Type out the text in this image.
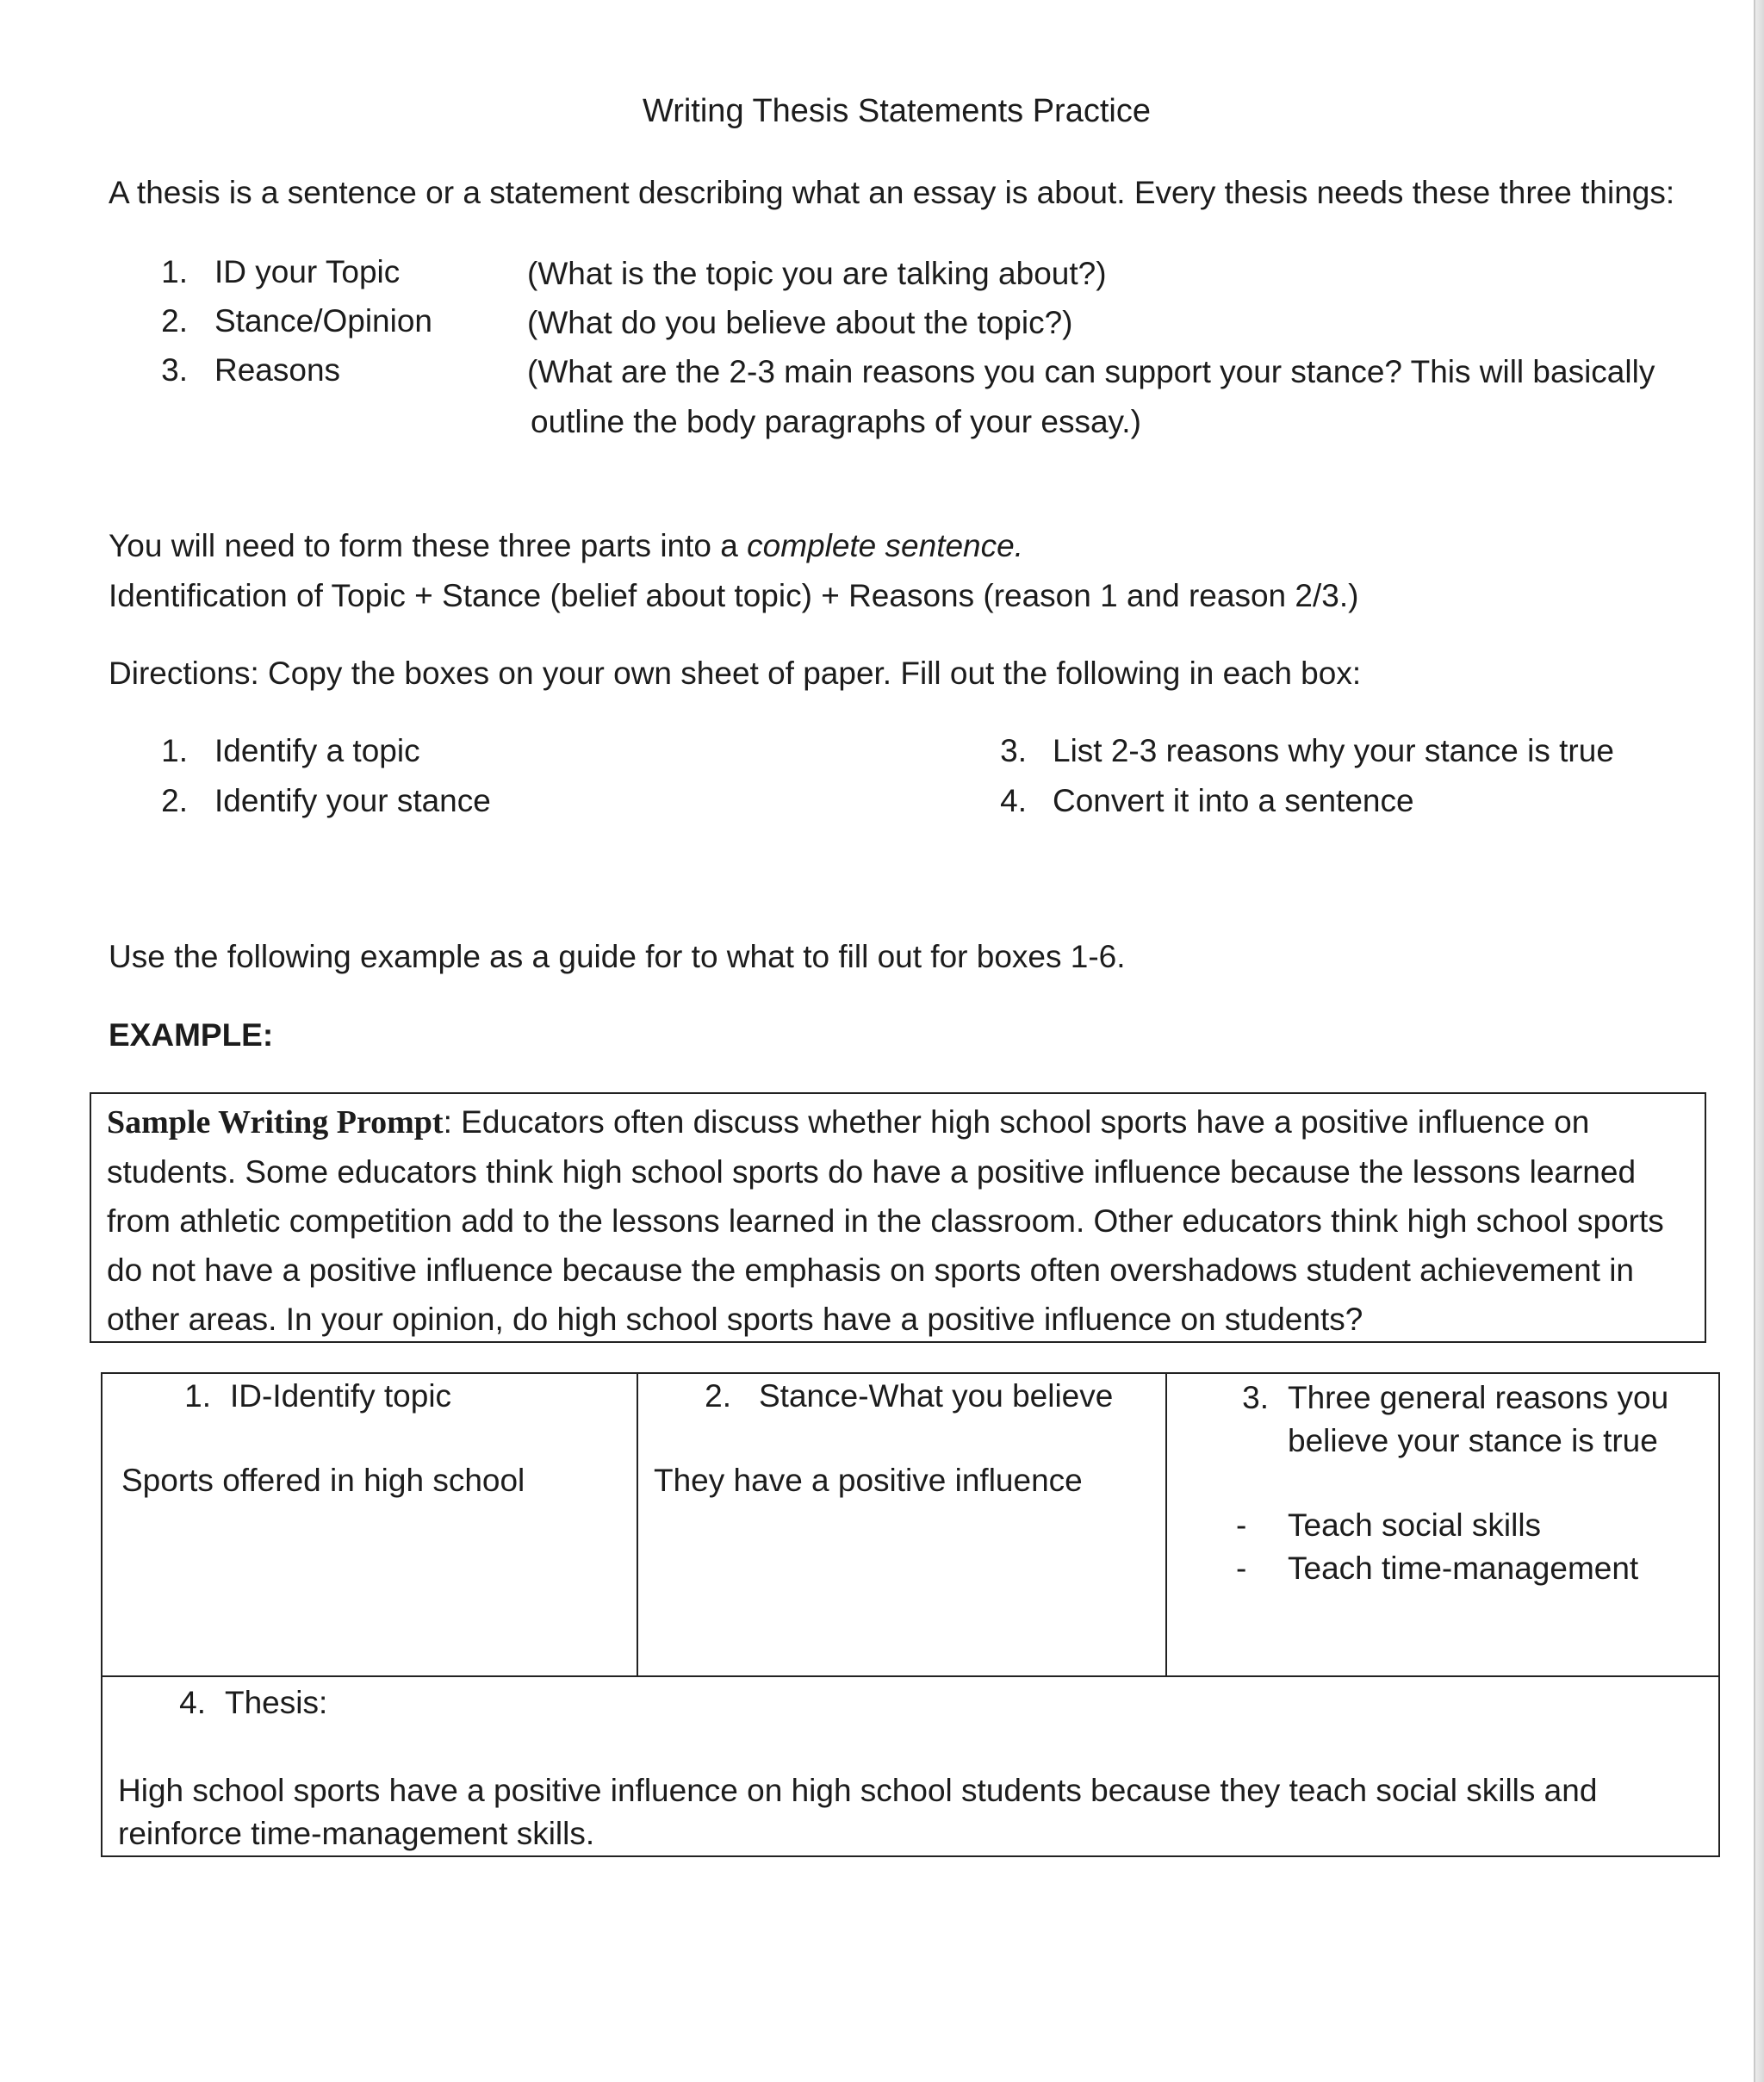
Writing Thesis Statements Practice
A thesis is a sentence or a statement describing what an essay is about. Every thesis needs these three things:
1. ID your Topic	(What is the topic you are talking about?)
2. Stance/Opinion	(What do you believe about the topic?)
3. Reasons	(What are the 2-3 main reasons you can support your stance? This will basically
outline the body paragraphs of your essay.)
You will need to form these three parts into a complete sentence.
Identification of Topic + Stance (belief about topic) + Reasons (reason 1 and reason 2/3.)
Directions: Copy the boxes on your own sheet of paper. Fill out the following in each box:
1. Identify a topic
2. Identify your stance
3. List 2-3 reasons why your stance is true
4. Convert it into a sentence
Use the following example as a guide for to what to fill out for boxes 1-6.
EXAMPLE:
Sample Writing Prompt: Educators often discuss whether high school sports have a positive influence on students. Some educators think high school sports do have a positive influence because the lessons learned from athletic competition add to the lessons learned in the classroom. Other educators think high school sports do not have a positive influence because the emphasis on sports often overshadows student achievement in other areas. In your opinion, do high school sports have a positive influence on students?
1. ID-Identify topic
Sports offered in high school
2. Stance-What you believe
They have a positive influence
3. Three general reasons you
believe your stance is true
- Teach social skills
- Teach time-management
4. Thesis:
High school sports have a positive influence on high school students because they teach social skills and
reinforce time-management skills.
